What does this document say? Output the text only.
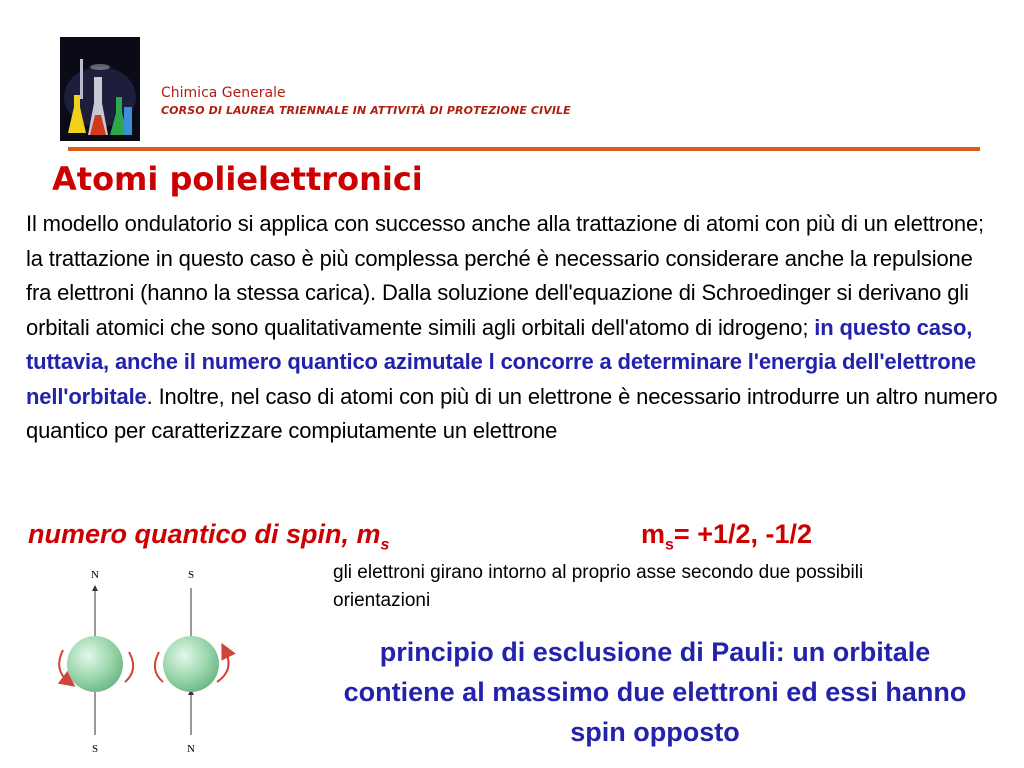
Chimica Generale
CORSO DI LAUREA TRIENNALE IN ATTIVITÀ DI PROTEZIONE CIVILE
Atomi polielettronici
Il modello ondulatorio si applica con successo anche alla trattazione di atomi con più di un elettrone; la trattazione in questo caso è più complessa perché è necessario considerare anche la repulsione fra elettroni (hanno la stessa carica). Dalla soluzione dell'equazione di Schroedinger si derivano gli orbitali atomici che sono qualitativamente simili agli orbitali dell'atomo di idrogeno; in questo caso, tuttavia, anche il numero quantico azimutale l concorre a determinare l'energia dell'elettrone nell'orbitale. Inoltre, nel caso di atomi con più di un elettrone è necessario introdurre un altro numero quantico per caratterizzare compiutamente un elettrone
numero quantico di spin, $m_s$	$m_s= +1/2$, -1/2
gli elettroni girano intorno al proprio asse secondo due possibili orientazioni
principio di esclusione di Pauli: un orbitale contiene al massimo due elettroni ed essi hanno spin opposto
N
S
S
N
